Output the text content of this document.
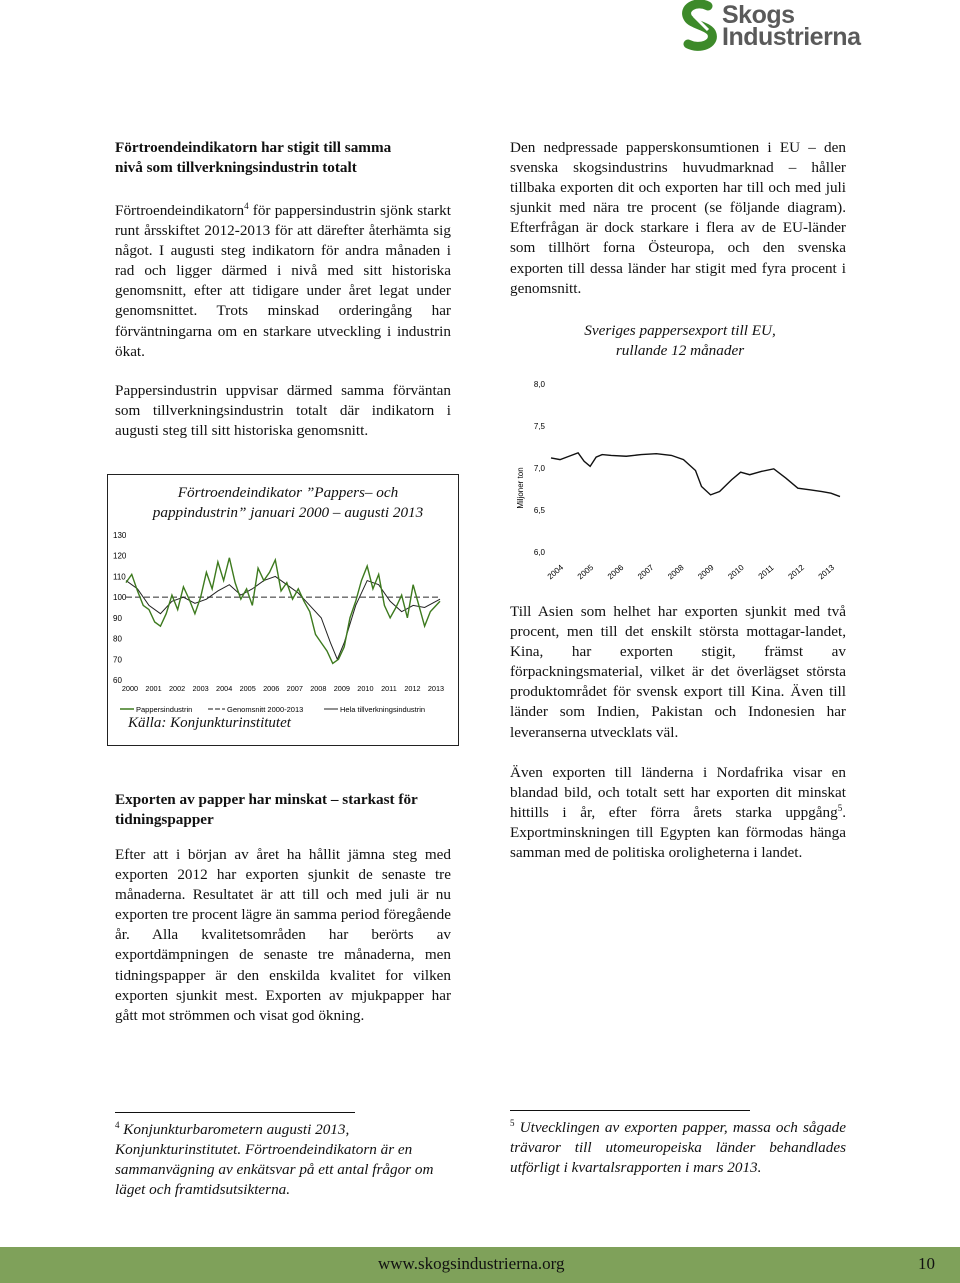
Skogs
Industrierna
Förtroendeindikatorn har stigit till samma
nivå som tillverkningsindustrin totalt
Förtroendeindikatorn$^4$ för pappersindustrin sjönk starkt runt årsskiftet 2012-2013 för att därefter återhämta sig något. I augusti steg indikatorn för andra månaden i rad och ligger därmed i nivå med sitt historiska genomsnitt, efter att tidigare under året legat under genomsnittet. Trots minskad orderingång har förväntningarna om en starkare utveckling i industrin ökat.
Pappersindustrin uppvisar därmed samma förväntan som tillverkningsindustrin totalt där indikatorn i augusti steg till sitt historiska genomsnitt.
Förtroendeindikator ”Pappers– och
pappindustrin” januari 2000 – augusti 2013
130
120
110
100
90
80
70
60
2000 2001 2002 2003 2004 2005 2006 2007 2008 2009 2010 2011 2012 2013
Pappersindustrin	Genomsnitt 2000-2013	Hela tillverkningsindustrin
Källa: Konjunkturinstitutet
Exporten av papper har minskat – starkast för
tidningspapper
Efter att i början av året ha hållit jämna steg med exporten 2012 har exporten sjunkit de senaste tre månaderna. Resultatet är att till och med juli är nu exporten tre procent lägre än samma period föregående år. Alla kvalitetsområden har berörts av exportdämpningen de senaste tre månaderna, men tidningspapper är den enskilda kvalitet for vilken exporten sjunkit mest. Exporten av mjukpapper har gått mot strömmen och visat god ökning.
Den nedpressade papperskonsumtionen i EU – den svenska skogsindustrins huvudmarknad – håller tillbaka exporten dit och exporten har till och med juli sjunkit med nära tre procent (se följande diagram). Efterfrågan är dock starkare i flera av de EU-länder som tillhört forna Östeuropa, och den svenska exporten till dessa länder har stigit med fyra procent i genomsnitt.
Sveriges pappersexport till EU,
rullande 12 månader
8,0
7,5
7,0
6,5
6,0
Miljoner ton
2004 2005 2006 2007 2008 2009 2010 2011 2012 2013
Till Asien som helhet har exporten sjunkit med två procent, men till det enskilt största mottagar-landet, Kina, har exporten stigit, främst av förpackningsmaterial, vilket är det överlägset största produktområdet för svensk export till Kina. Även till länder som Indien, Pakistan och Indonesien har leveranserna utvecklats väl.
Även exporten till länderna i Nordafrika visar en blandad bild, och totalt sett har exporten dit minskat hittills i år, efter förra årets starka uppgång$^5$. Exportminskningen till Egypten kan förmodas hänga samman med de politiska oroligheterna i landet.
$^4$ Konjunkturbarometern augusti 2013, Konjunkturinstitutet. Förtroendeindikatorn är en sammanvägning av enkätsvar på ett antal frågor om läget och framtidsutsikterna.
$^5$ Utvecklingen av exporten papper, massa och sågade trävaror till utomeuropeiska länder behandlades utförligt i kvartalsrapporten i mars 2013.
www.skogsindustrierna.org	10
